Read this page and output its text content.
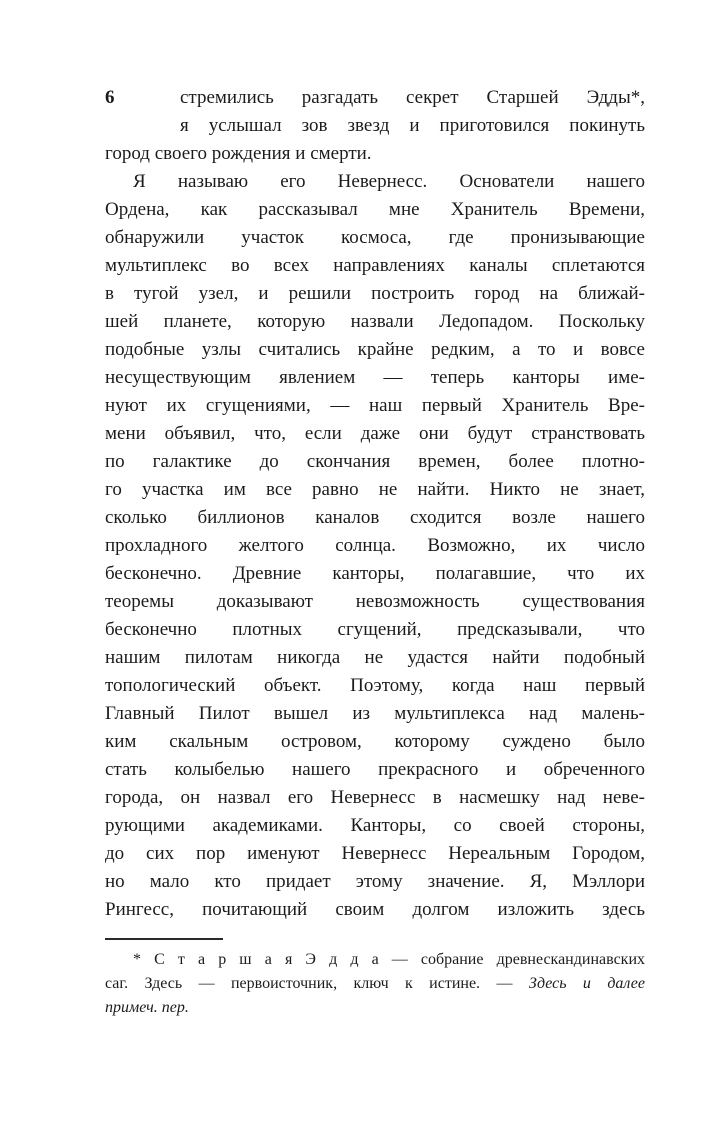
6	стремились разгадать секрет Старшей Эдды*,
я услышал зов звезд и приготовился покинуть
город своего рождения и смерти.
Я называю его Невернесс. Основатели нашего
Ордена, как рассказывал мне Хранитель Времени,
обнаружили участок космоса, где пронизывающие
мультиплекс во всех направлениях каналы сплетаются
в тугой узел, и решили построить город на ближай-
шей планете, которую назвали Ледопадом. Поскольку
подобные узлы считались крайне редким, а то и вовсе
несуществующим явлением — теперь канторы име-
нуют их сгущениями, — наш первый Хранитель Вре-
мени объявил, что, если даже они будут странствовать
по галактике до скончания времен, более плотно-
го участка им все равно не найти. Никто не знает,
сколько биллионов каналов сходится возле нашего
прохладного желтого солнца. Возможно, их число
бесконечно. Древние канторы, полагавшие, что их
теоремы доказывают невозможность существования
бесконечно плотных сгущений, предсказывали, что
нашим пилотам никогда не удастся найти подобный
топологический объект. Поэтому, когда наш первый
Главный Пилот вышел из мультиплекса над малень-
ким скальным островом, которому суждено было
стать колыбелью нашего прекрасного и обреченного
города, он назвал его Невернесс в насмешку над неве-
рующими академиками. Канторы, со своей стороны,
до сих пор именуют Невернесс Нереальным Городом,
но мало кто придает этому значение. Я, Мэллори
Рингесс, почитающий своим долгом изложить здесь
* С т а р ш а я Э д д а — собрание древнескандинавских
саг. Здесь — первоисточник, ключ к истине. — Здесь и далее
примеч. пер.
